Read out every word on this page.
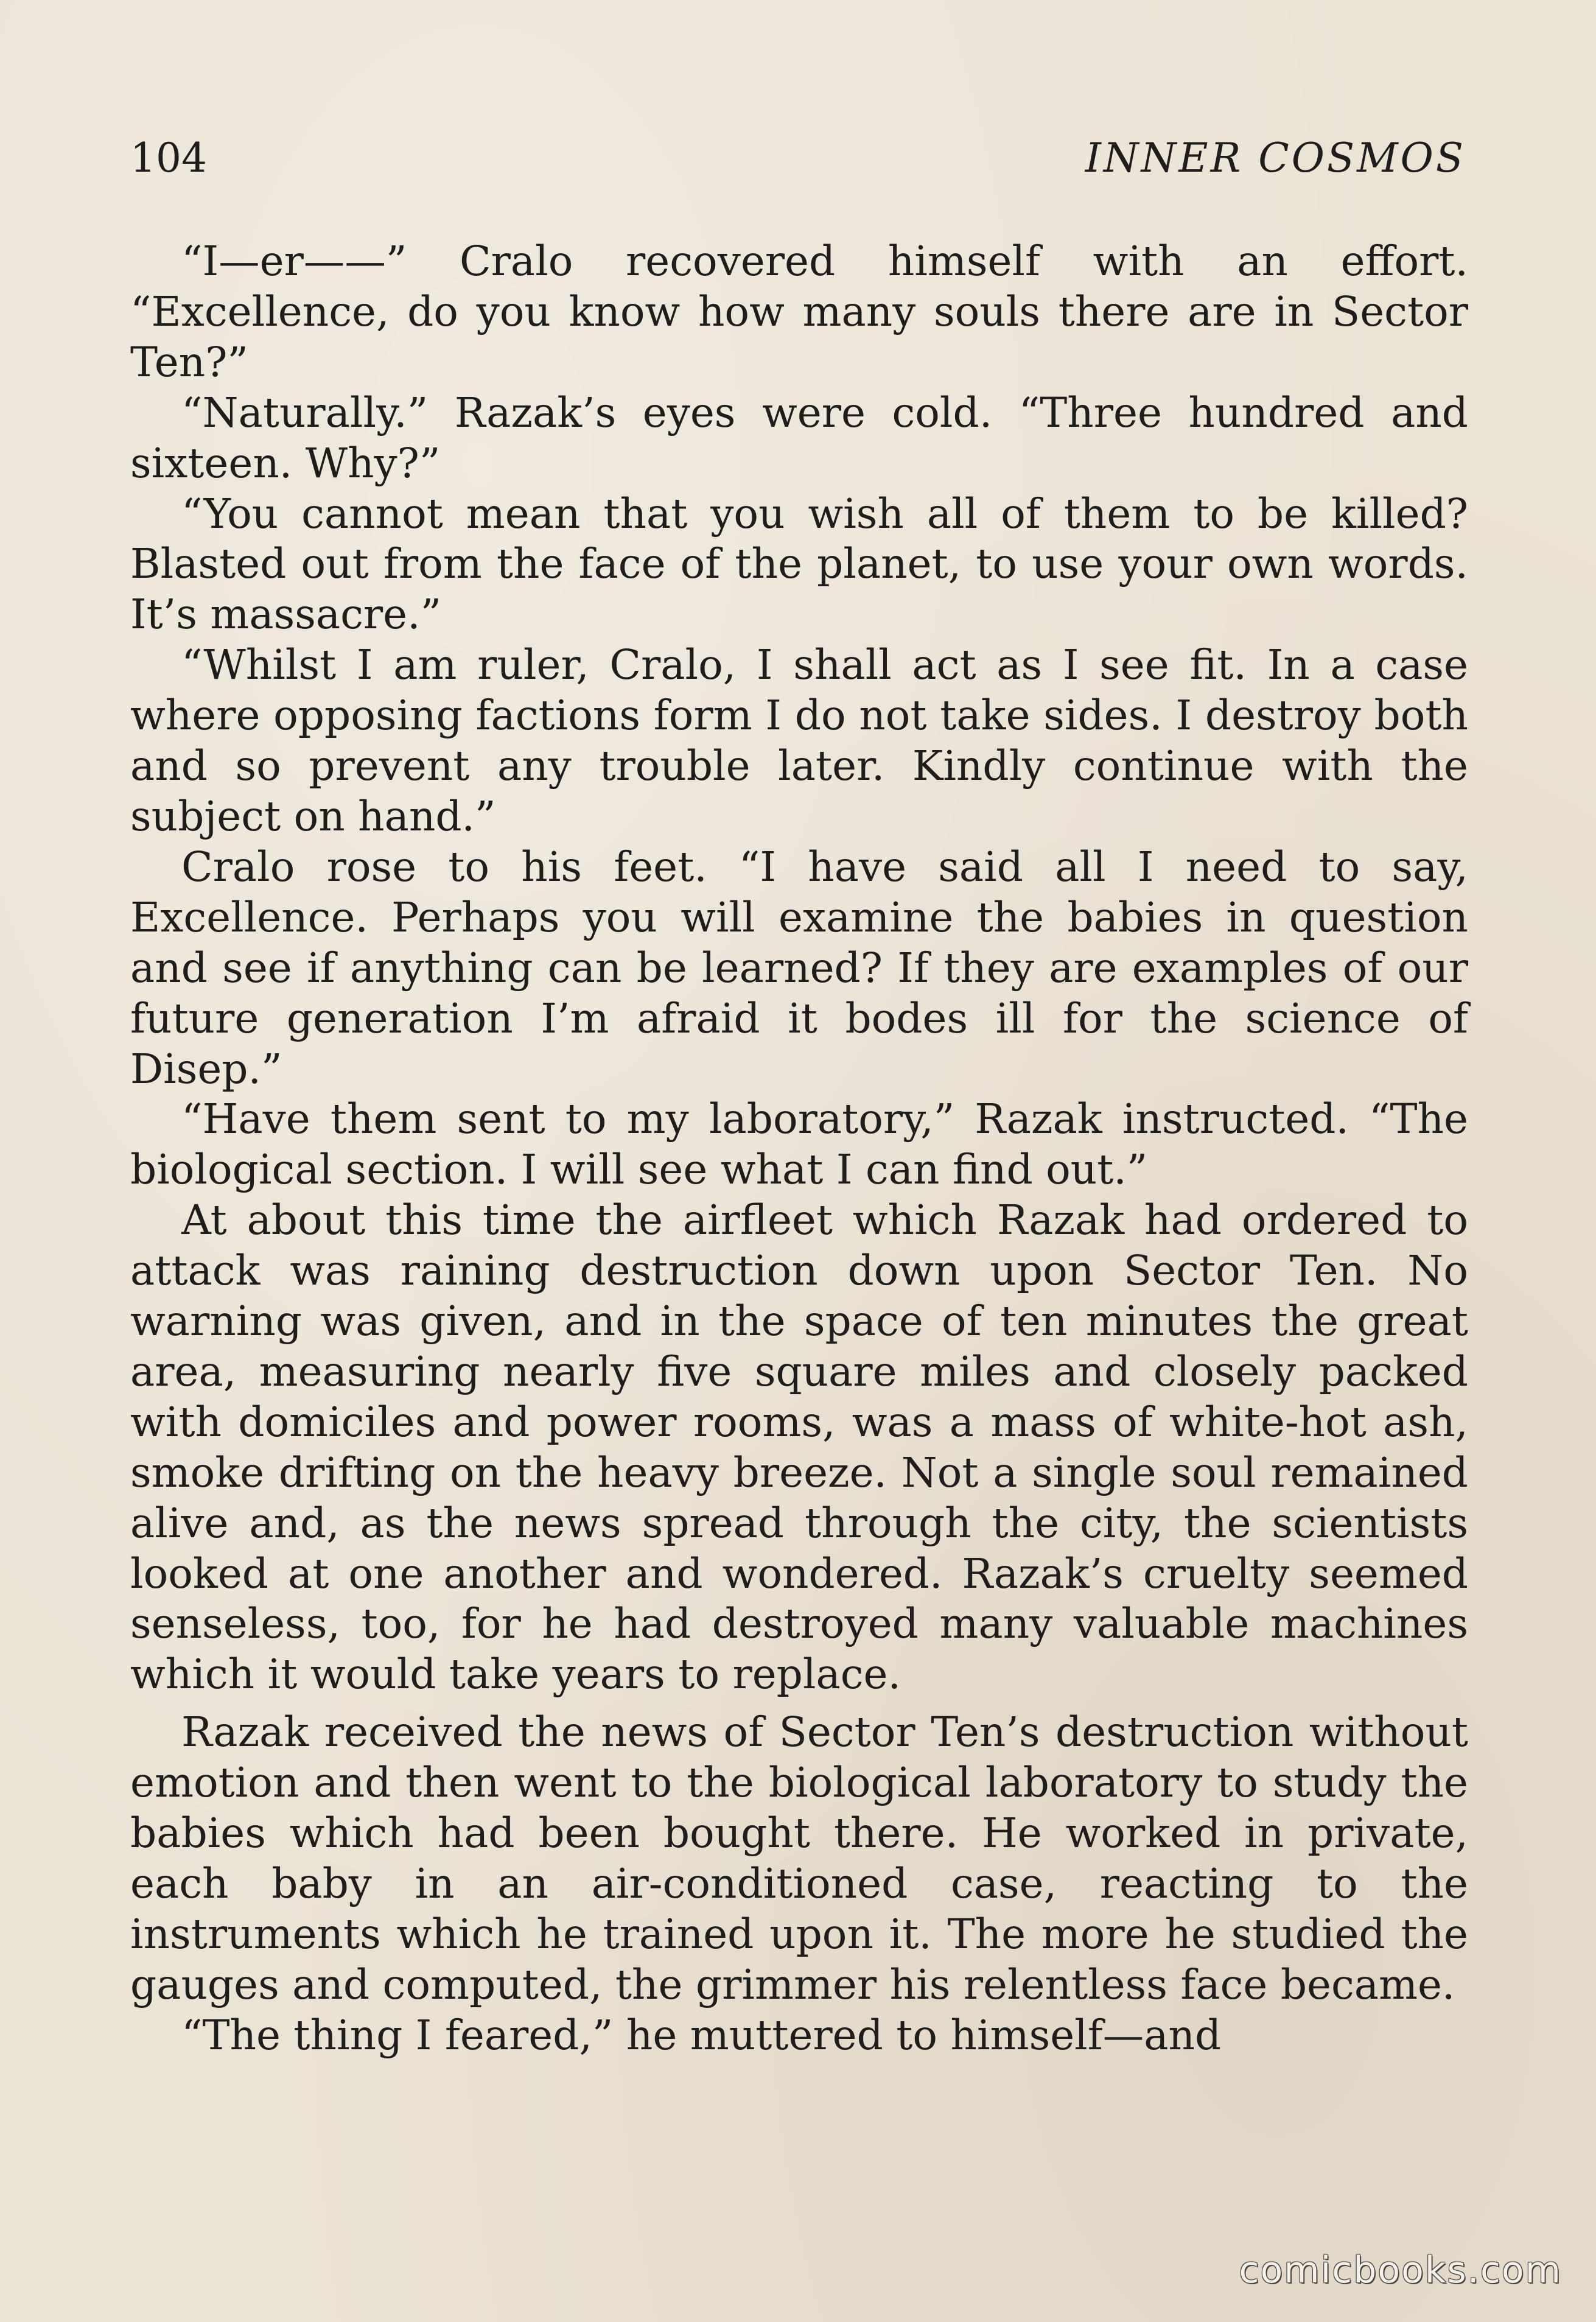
104	INNER COSMOS

“I—er——” Cralo recovered himself with an effort. “Excellence, do you know how many souls there are in Sector Ten?”

“Naturally.” Razak’s eyes were cold. “Three hundred and sixteen. Why?”

“You cannot mean that you wish all of them to be killed? Blasted out from the face of the planet, to use your own words. It’s massacre.”

“Whilst I am ruler, Cralo, I shall act as I see fit. In a case where opposing factions form I do not take sides. I destroy both and so prevent any trouble later. Kindly continue with the subject on hand.”

Cralo rose to his feet. “I have said all I need to say, Excellence. Perhaps you will examine the babies in question and see if anything can be learned? If they are examples of our future generation I’m afraid it bodes ill for the science of Disep.”

“Have them sent to my laboratory,” Razak instructed. “The biological section. I will see what I can find out.”

At about this time the airfleet which Razak had ordered to attack was raining destruction down upon Sector Ten. No warning was given, and in the space of ten minutes the great area, measuring nearly five square miles and closely packed with domiciles and power rooms, was a mass of white-hot ash, smoke drifting on the heavy breeze. Not a single soul remained alive and, as the news spread through the city, the scientists looked at one another and wondered. Razak’s cruelty seemed senseless, too, for he had destroyed many valuable machines which it would take years to replace.

Razak received the news of Sector Ten’s destruction without emotion and then went to the biological laboratory to study the babies which had been bought there. He worked in private, each baby in an air-conditioned case, reacting to the instruments which he trained upon it. The more he studied the gauges and computed, the grimmer his relentless face became.

“The thing I feared,” he muttered to himself—and

comicbooks.com
